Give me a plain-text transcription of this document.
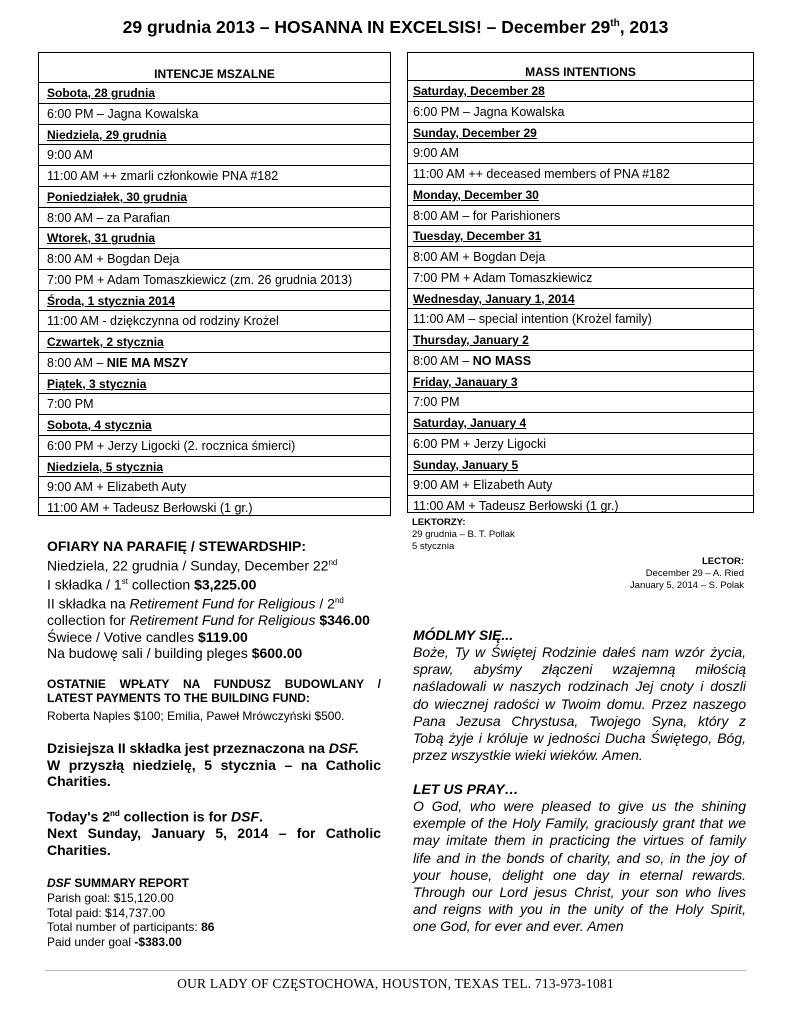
29 grudnia 2013 – HOSANNA IN EXCELSIS! – December 29th, 2013
INTENCJE MSZALNE
Sobota, 28 grudnia
6:00 PM – Jagna Kowalska
Niedziela, 29 grudnia
9:00 AM
11:00 AM ++ zmarli członkowie PNA #182
Poniedziałek, 30 grudnia
8:00 AM – za Parafian
Wtorek, 31 grudnia
8:00 AM + Bogdan Deja
7:00 PM + Adam Tomaszkiewicz (zm. 26 grudnia 2013)
Środa, 1 stycznia 2014
11:00 AM - dziękczynna od rodziny Krożel
Czwartek, 2 stycznia
8:00 AM – NIE MA MSZY
Piątek, 3 stycznia
7:00 PM
Sobota, 4 stycznia
6:00 PM + Jerzy Ligocki (2. rocznica śmierci)
Niedziela, 5 stycznia
9:00 AM + Elizabeth Auty
11:00 AM + Tadeusz Berłowski (1 gr.)
MASS INTENTIONS
Saturday, December 28
6:00 PM – Jagna Kowalska
Sunday, December 29
9:00 AM
11:00 AM ++ deceased members of PNA #182
Monday, December 30
8:00 AM – for Parishioners
Tuesday, December 31
8:00 AM + Bogdan Deja
7:00 PM + Adam Tomaszkiewicz
Wednesday, January 1, 2014
11:00 AM – special intention (Krożel family)
Thursday, January 2
8:00 AM – NO MASS
Friday, Janauary 3
7:00 PM
Saturday, January 4
6:00 PM + Jerzy Ligocki
Sunday, January 5
9:00 AM + Elizabeth Auty
11:00 AM + Tadeusz Berłowski (1 gr.)
LEKTORZY:
29 grudnia – B. T. Pollak
5 stycznia
LECTOR:
December 29 – A. Ried
January 5, 2014 – S. Polak
OFIARY NA PARAFIĘ / STEWARDSHIP:
Niedziela, 22 grudnia / Sunday, December 22nd
I składka / 1st collection $3,225.00
II składka na Retirement Fund for Religious / 2nd
collection for Retirement Fund for Religious $346.00
Świece / Votive candles $119.00
Na budowę sali / building pleges $600.00
OSTATNIE WPŁATY NA FUNDUSZ BUDOWLANY /
LATEST PAYMENTS TO THE BUILDING FUND:
Roberta Naples $100; Emilia, Paweł Mrówczyński $500.
Dzisiejsza II składka jest przeznaczona na DSF.
W przyszłą niedzielę, 5 stycznia – na Catholic Charities.
Today's 2nd collection is for DSF.
Next Sunday, January 5, 2014 – for Catholic Charities.
DSF SUMMARY REPORT
Parish goal: $15,120.00
Total paid: $14,737.00
Total number of participants: 86
Paid under goal -$383.00
MÓDLMY SIĘ...
Boże, Ty w Świętej Rodzinie dałeś nam wzór życia,
spraw, abyśmy złączeni wzajemną miłością
naśladowali w naszych rodzinach Jej cnoty i doszli
do wiecznej radości w Twoim domu. Przez naszego
Pana Jezusa Chrystusa, Twojego Syna, który z
Tobą żyje i króluje w jedności Ducha Świętego, Bóg,
przez wszystkie wieki wieków. Amen.
LET US PRAY…
O God, who were pleased to give us the shining
exemple of the Holy Family, graciously grant that we
may imitate them in practicing the virtues of family
life and in the bonds of charity, and so, in the joy of
your house, delight one day in eternal rewards.
Through our Lord jesus Christ, your son who lives
and reigns with you in the unity of the Holy Spirit,
one God, for ever and ever. Amen
OUR LADY OF CZĘSTOCHOWA, HOUSTON, TEXAS TEL. 713-973-1081
